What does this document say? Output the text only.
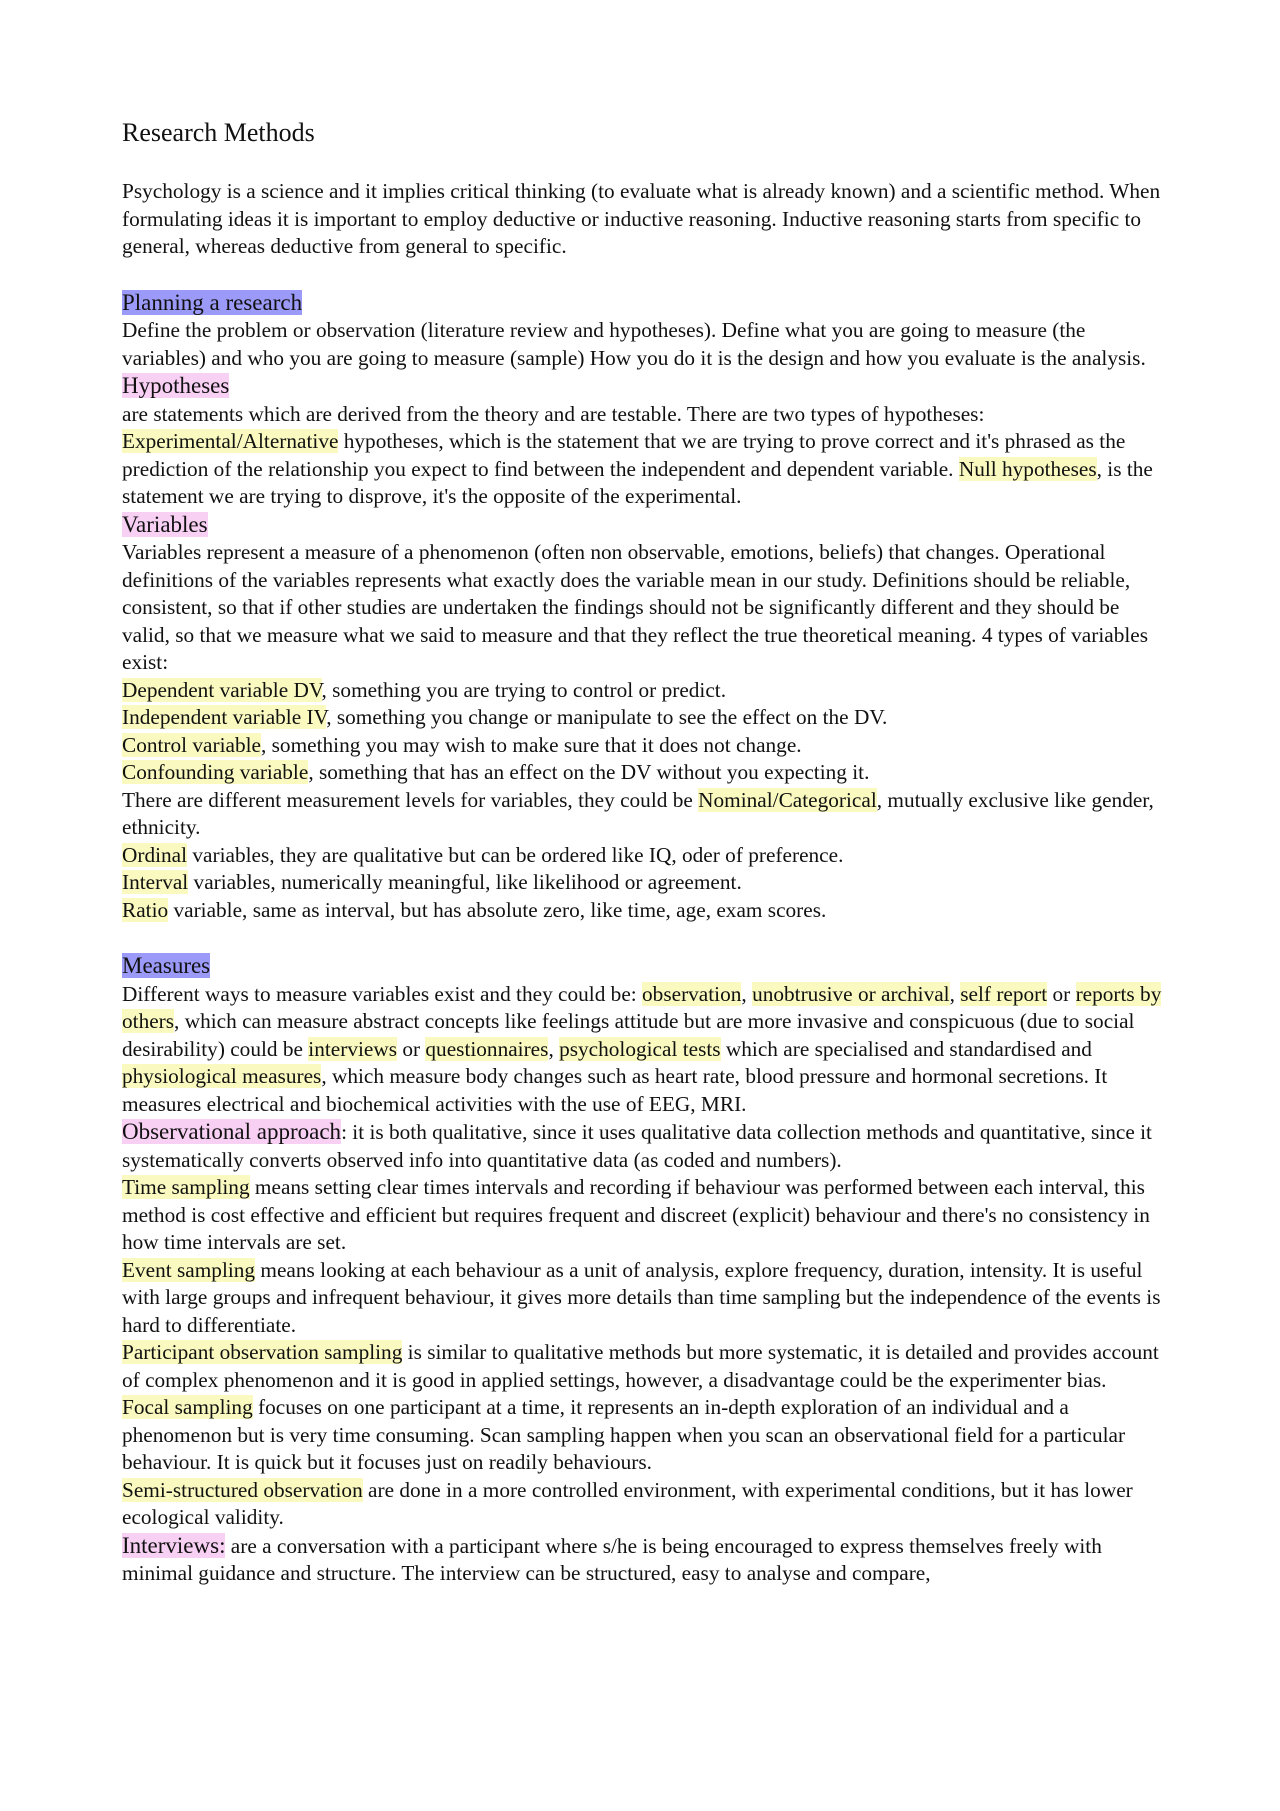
Research Methods

Psychology is a science and it implies critical thinking (to evaluate what is already known) and a scientific method. When formulating ideas it is important to employ deductive or inductive reasoning. Inductive reasoning starts from specific to general, whereas deductive from general to specific.

Planning a research

Define the problem or observation (literature review and hypotheses). Define what you are going to measure (the variables) and who you are going to measure (sample) How you do it is the design and how you evaluate is the analysis.

Hypotheses

are statements which are derived from the theory and are testable. There are two types of hypotheses: Experimental/Alternative hypotheses, which is the statement that we are trying to prove correct and it's phrased as the prediction of the relationship you expect to find between the independent and dependent variable. Null hypotheses, is the statement we are trying to disprove, it's the opposite of the experimental.

Variables

Variables represent a measure of a phenomenon (often non observable, emotions, beliefs) that changes. Operational definitions of the variables represents what exactly does the variable mean in our study. Definitions should be reliable, consistent, so that if other studies are undertaken the findings should not be significantly different and they should be valid, so that we measure what we said to measure and that they reflect the true theoretical meaning. 4 types of variables exist:

Dependent variable DV, something you are trying to control or predict.

Independent variable IV, something you change or manipulate to see the effect on the DV.

Control variable, something you may wish to make sure that it does not change.

Confounding variable, something that has an effect on the DV without you expecting it.

There are different measurement levels for variables, they could be Nominal/Categorical, mutually exclusive like gender, ethnicity.

Ordinal variables, they are qualitative but can be ordered like IQ, oder of preference.

Interval variables, numerically meaningful, like likelihood or agreement.

Ratio variable, same as interval, but has absolute zero, like time, age, exam scores.

Measures

Different ways to measure variables exist and they could be: observation, unobtrusive or archival, self report or reports by others, which can measure abstract concepts like feelings attitude but are more invasive and conspicuous (due to social desirability) could be interviews or questionnaires, psychological tests which are specialised and standardised and physiological measures, which measure body changes such as heart rate, blood pressure and hormonal secretions. It measures electrical and biochemical activities with the use of EEG, MRI.

Observational approach: it is both qualitative, since it uses qualitative data collection methods and quantitative, since it systematically converts observed info into quantitative data (as coded and numbers).

Time sampling means setting clear times intervals and recording if behaviour was performed between each interval, this method is cost effective and efficient but requires frequent and discreet (explicit) behaviour and there's no consistency in how time intervals are set.

Event sampling means looking at each behaviour as a unit of analysis, explore frequency, duration, intensity. It is useful with large groups and infrequent behaviour, it gives more details than time sampling but the independence of the events is hard to differentiate.

Participant observation sampling is similar to qualitative methods but more systematic, it is detailed and provides account of complex phenomenon and it is good in applied settings, however, a disadvantage could be the experimenter bias.

Focal sampling focuses on one participant at a time, it represents an in-depth exploration of an individual and a phenomenon but is very time consuming. Scan sampling happen when you scan an observational field for a particular behaviour. It is quick but it focuses just on readily behaviours.

Semi-structured observation are done in a more controlled environment, with experimental conditions, but it has lower ecological validity.

Interviews: are a conversation with a participant where s/he is being encouraged to express themselves freely with minimal guidance and structure. The interview can be structured, easy to analyse and compare,
